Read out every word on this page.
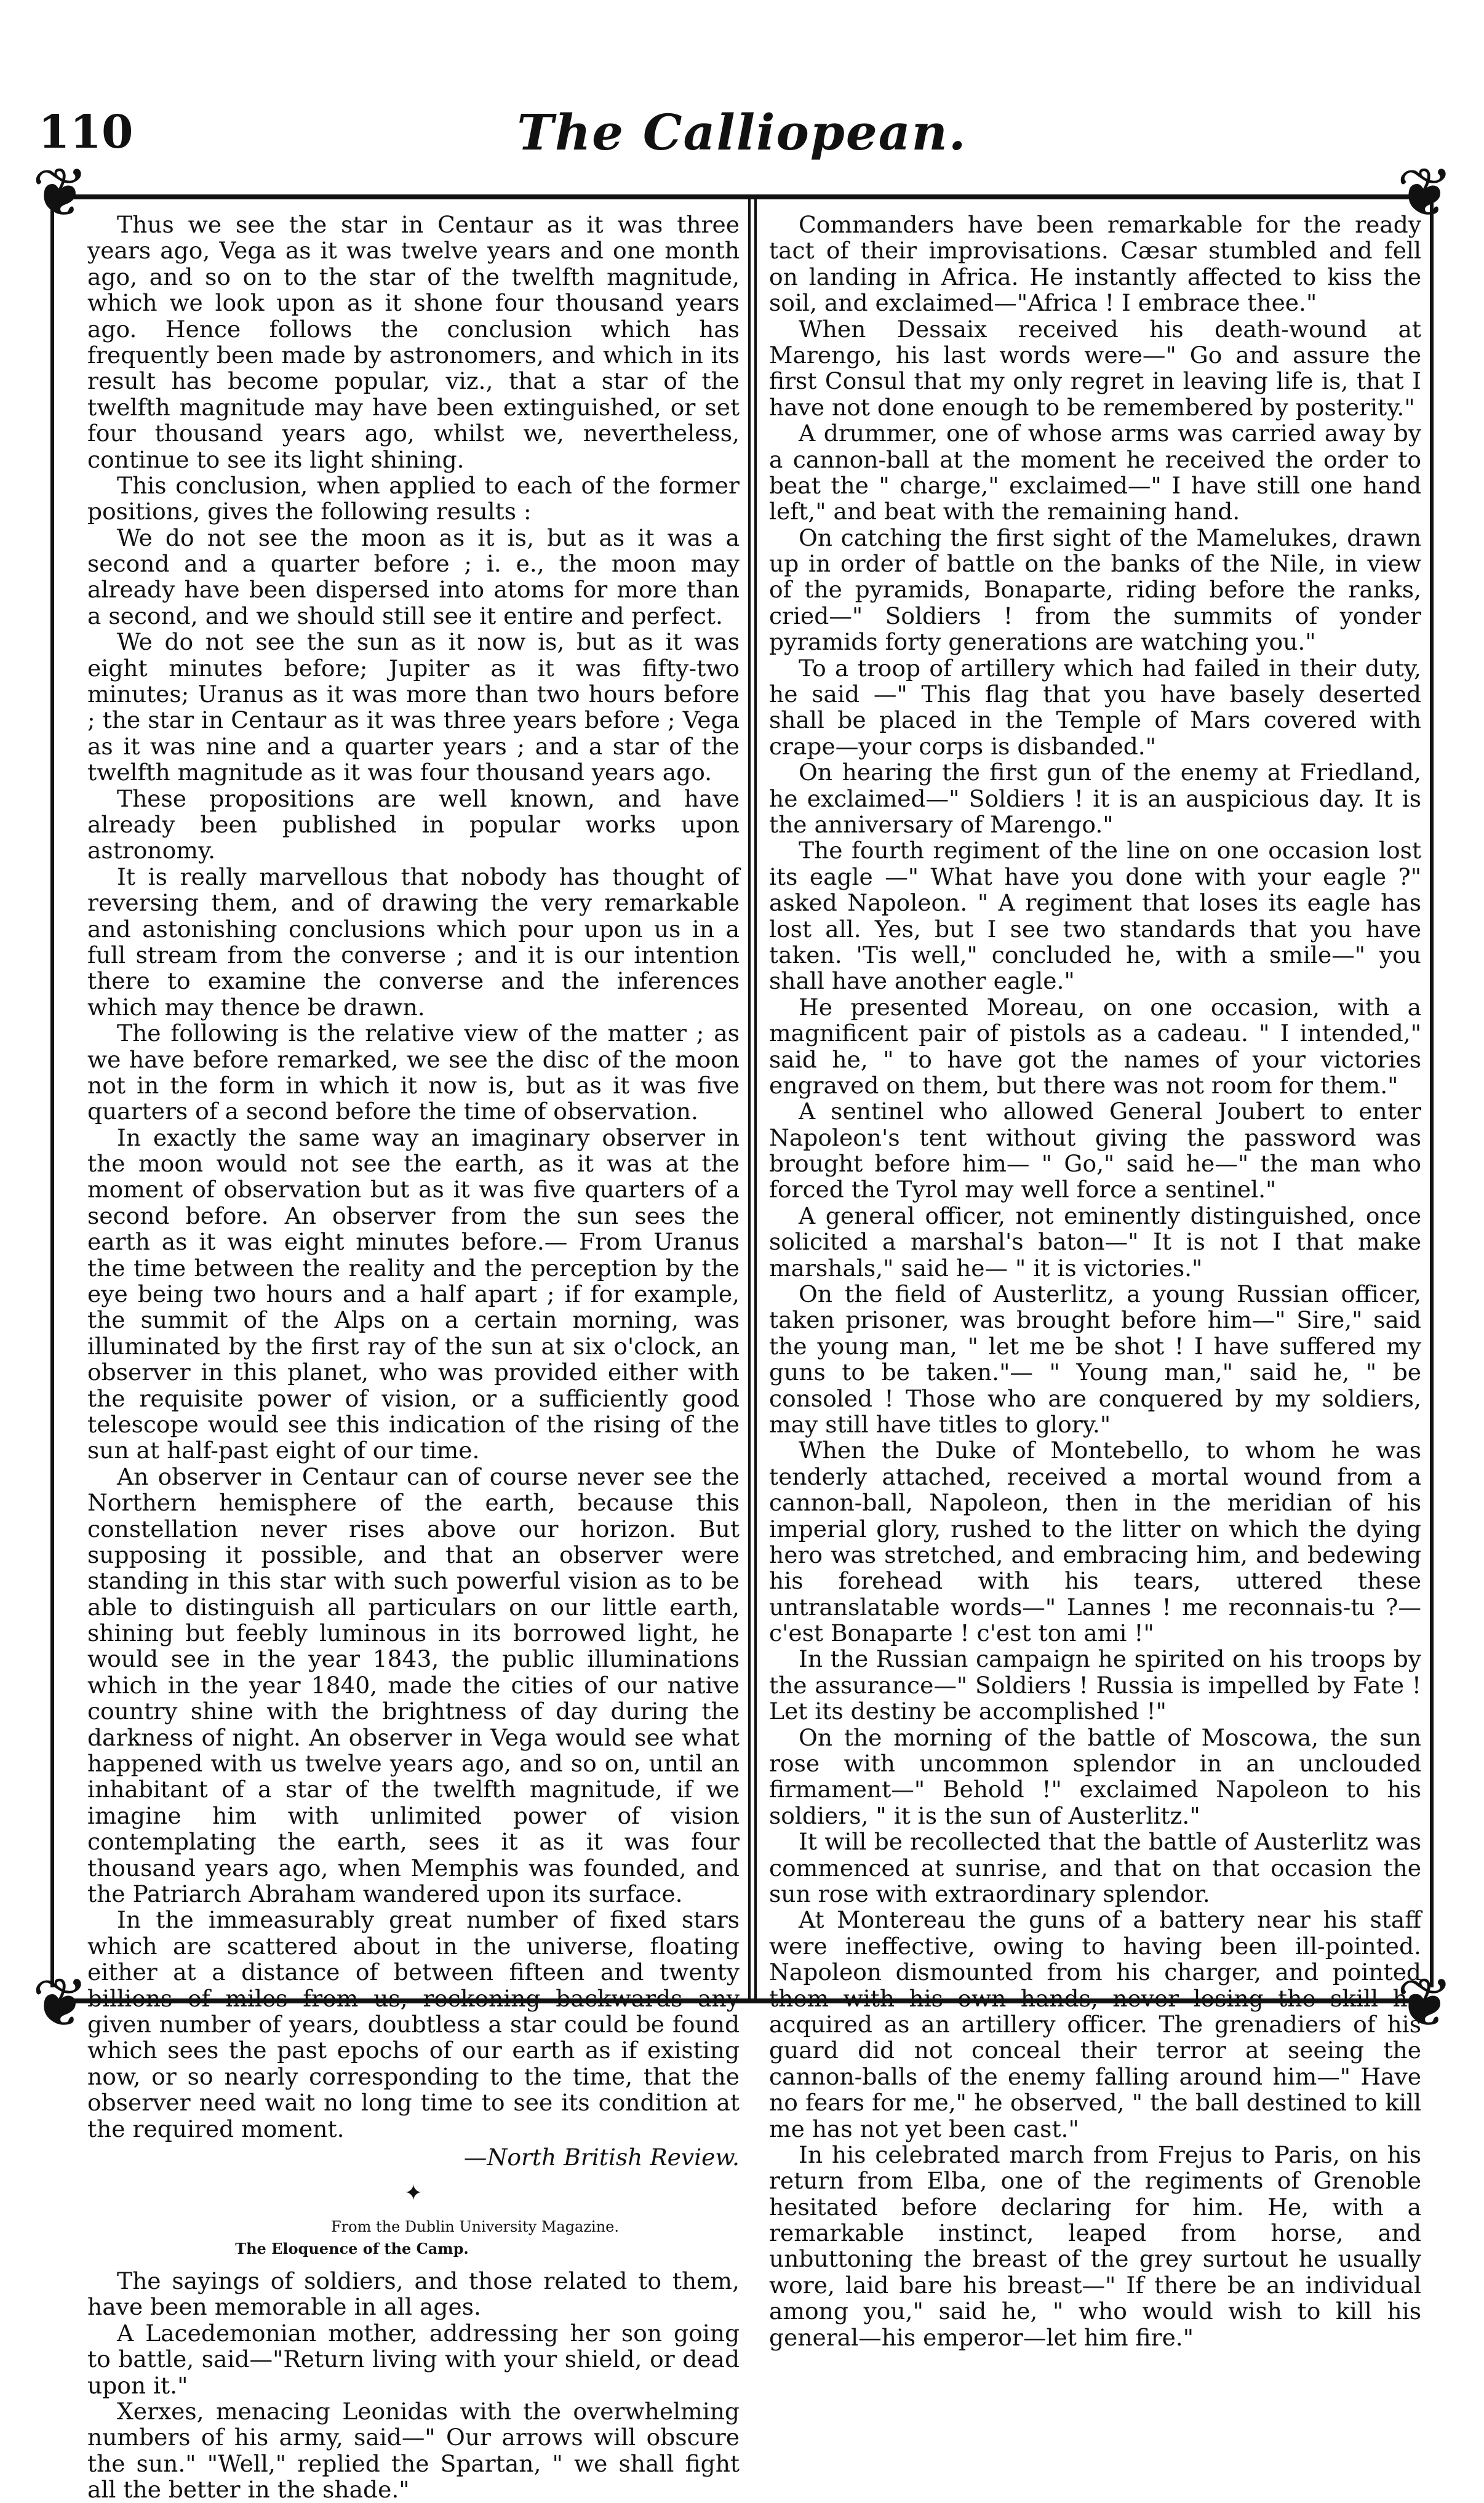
110	The Calliopean.
❦	❦
❦	❦

Thus we see the star in Centaur as it was three years ago, Vega as it was twelve years and one month ago, and so on to the star of the twelfth magnitude, which we look upon as it shone four thousand years ago. Hence follows the conclusion which has frequently been made by astronomers, and which in its result has become popular, viz., that a star of the twelfth magnitude may have been extinguished, or set four thousand years ago, whilst we, nevertheless, continue to see its light shining.

This conclusion, when applied to each of the former positions, gives the following results :

We do not see the moon as it is, but as it was a second and a quarter before ; i. e., the moon may already have been dispersed into atoms for more than a second, and we should still see it entire and perfect.

We do not see the sun as it now is, but as it was eight minutes before; Jupiter as it was fifty-two minutes; Uranus as it was more than two hours before ; the star in Centaur as it was three years before ; Vega as it was nine and a quarter years ; and a star of the twelfth magnitude as it was four thousand years ago.

These propositions are well known, and have already been published in popular works upon astronomy.

It is really marvellous that nobody has thought of reversing them, and of drawing the very remarkable and astonishing conclusions which pour upon us in a full stream from the converse ; and it is our intention there to examine the converse and the inferences which may thence be drawn.

The following is the relative view of the matter ; as we have before remarked, we see the disc of the moon not in the form in which it now is, but as it was five quarters of a second before the time of observation.

In exactly the same way an imaginary observer in the moon would not see the earth, as it was at the moment of observation but as it was five quarters of a second before. An observer from the sun sees the earth as it was eight minutes before.— From Uranus the time between the reality and the perception by the eye being two hours and a half apart ; if for example, the summit of the Alps on a certain morning, was illuminated by the first ray of the sun at six o'clock, an observer in this planet, who was provided either with the requisite power of vision, or a sufficiently good telescope would see this indication of the rising of the sun at half-past eight of our time.

An observer in Centaur can of course never see the Northern hemisphere of the earth, because this constellation never rises above our horizon. But supposing it possible, and that an observer were standing in this star with such powerful vision as to be able to distinguish all particulars on our little earth, shining but feebly luminous in its borrowed light, he would see in the year 1843, the public illuminations which in the year 1840, made the cities of our native country shine with the brightness of day during the darkness of night. An observer in Vega would see what happened with us twelve years ago, and so on, until an inhabitant of a star of the twelfth magnitude, if we imagine him with unlimited power of vision contemplating the earth, sees it as it was four thousand years ago, when Memphis was founded, and the Patriarch Abraham wandered upon its surface.

In the immeasurably great number of fixed stars which are scattered about in the universe, floating either at a distance of between fifteen and twenty billions of miles from us, reckoning backwards any given number of years, doubtless a star could be found which sees the past epochs of our earth as if existing now, or so nearly corresponding to the time, that the observer need wait no long time to see its condition at the required moment.

—North British Review.
✦
From the Dublin University Magazine.
The Eloquence of the Camp.

The sayings of soldiers, and those related to them, have been memorable in all ages.

A Lacedemonian mother, addressing her son going to battle, said—"Return living with your shield, or dead upon it."

Xerxes, menacing Leonidas with the overwhelming numbers of his army, said—" Our arrows will obscure the sun." "Well," replied the Spartan, " we shall fight all the better in the shade."

Commanders have been remarkable for the ready tact of their improvisations. Cæsar stumbled and fell on landing in Africa. He instantly affected to kiss the soil, and exclaimed—"Africa ! I embrace thee."

When Dessaix received his death-wound at Marengo, his last words were—" Go and assure the first Consul that my only regret in leaving life is, that I have not done enough to be remembered by posterity."

A drummer, one of whose arms was carried away by a cannon-ball at the moment he received the order to beat the " charge," exclaimed—" I have still one hand left," and beat with the remaining hand.

On catching the first sight of the Mamelukes, drawn up in order of battle on the banks of the Nile, in view of the pyramids, Bonaparte, riding before the ranks, cried—" Soldiers ! from the summits of yonder pyramids forty generations are watching you."

To a troop of artillery which had failed in their duty, he said —" This flag that you have basely deserted shall be placed in the Temple of Mars covered with crape—your corps is disbanded."

On hearing the first gun of the enemy at Friedland, he exclaimed—" Soldiers ! it is an auspicious day. It is the anniversary of Marengo."

The fourth regiment of the line on one occasion lost its eagle —" What have you done with your eagle ?" asked Napoleon. " A regiment that loses its eagle has lost all. Yes, but I see two standards that you have taken. 'Tis well," concluded he, with a smile—" you shall have another eagle."

He presented Moreau, on one occasion, with a magnificent pair of pistols as a cadeau. " I intended," said he, " to have got the names of your victories engraved on them, but there was not room for them."

A sentinel who allowed General Joubert to enter Napoleon's tent without giving the password was brought before him— " Go," said he—" the man who forced the Tyrol may well force a sentinel."

A general officer, not eminently distinguished, once solicited a marshal's baton—" It is not I that make marshals," said he— " it is victories."

On the field of Austerlitz, a young Russian officer, taken prisoner, was brought before him—" Sire," said the young man, " let me be shot ! I have suffered my guns to be taken."— " Young man," said he, " be consoled ! Those who are conquered by my soldiers, may still have titles to glory."

When the Duke of Montebello, to whom he was tenderly attached, received a mortal wound from a cannon-ball, Napoleon, then in the meridian of his imperial glory, rushed to the litter on which the dying hero was stretched, and embracing him, and bedewing his forehead with his tears, uttered these untranslatable words—" Lannes ! me reconnais-tu ?—c'est Bonaparte ! c'est ton ami !"

In the Russian campaign he spirited on his troops by the assurance—" Soldiers ! Russia is impelled by Fate ! Let its destiny be accomplished !"

On the morning of the battle of Moscowa, the sun rose with uncommon splendor in an unclouded firmament—" Behold !" exclaimed Napoleon to his soldiers, " it is the sun of Austerlitz."

It will be recollected that the battle of Austerlitz was commenced at sunrise, and that on that occasion the sun rose with extraordinary splendor.

At Montereau the guns of a battery near his staff were ineffective, owing to having been ill-pointed. Napoleon dismounted from his charger, and pointed them with his own hands, never losing the skill he acquired as an artillery officer. The grenadiers of his guard did not conceal their terror at seeing the cannon-balls of the enemy falling around him—" Have no fears for me," he observed, " the ball destined to kill me has not yet been cast."

In his celebrated march from Frejus to Paris, on his return from Elba, one of the regiments of Grenoble hesitated before declaring for him. He, with a remarkable instinct, leaped from horse, and unbuttoning the breast of the grey surtout he usually wore, laid bare his breast—" If there be an individual among you," said he, " who would wish to kill his general—his emperor—let him fire."
